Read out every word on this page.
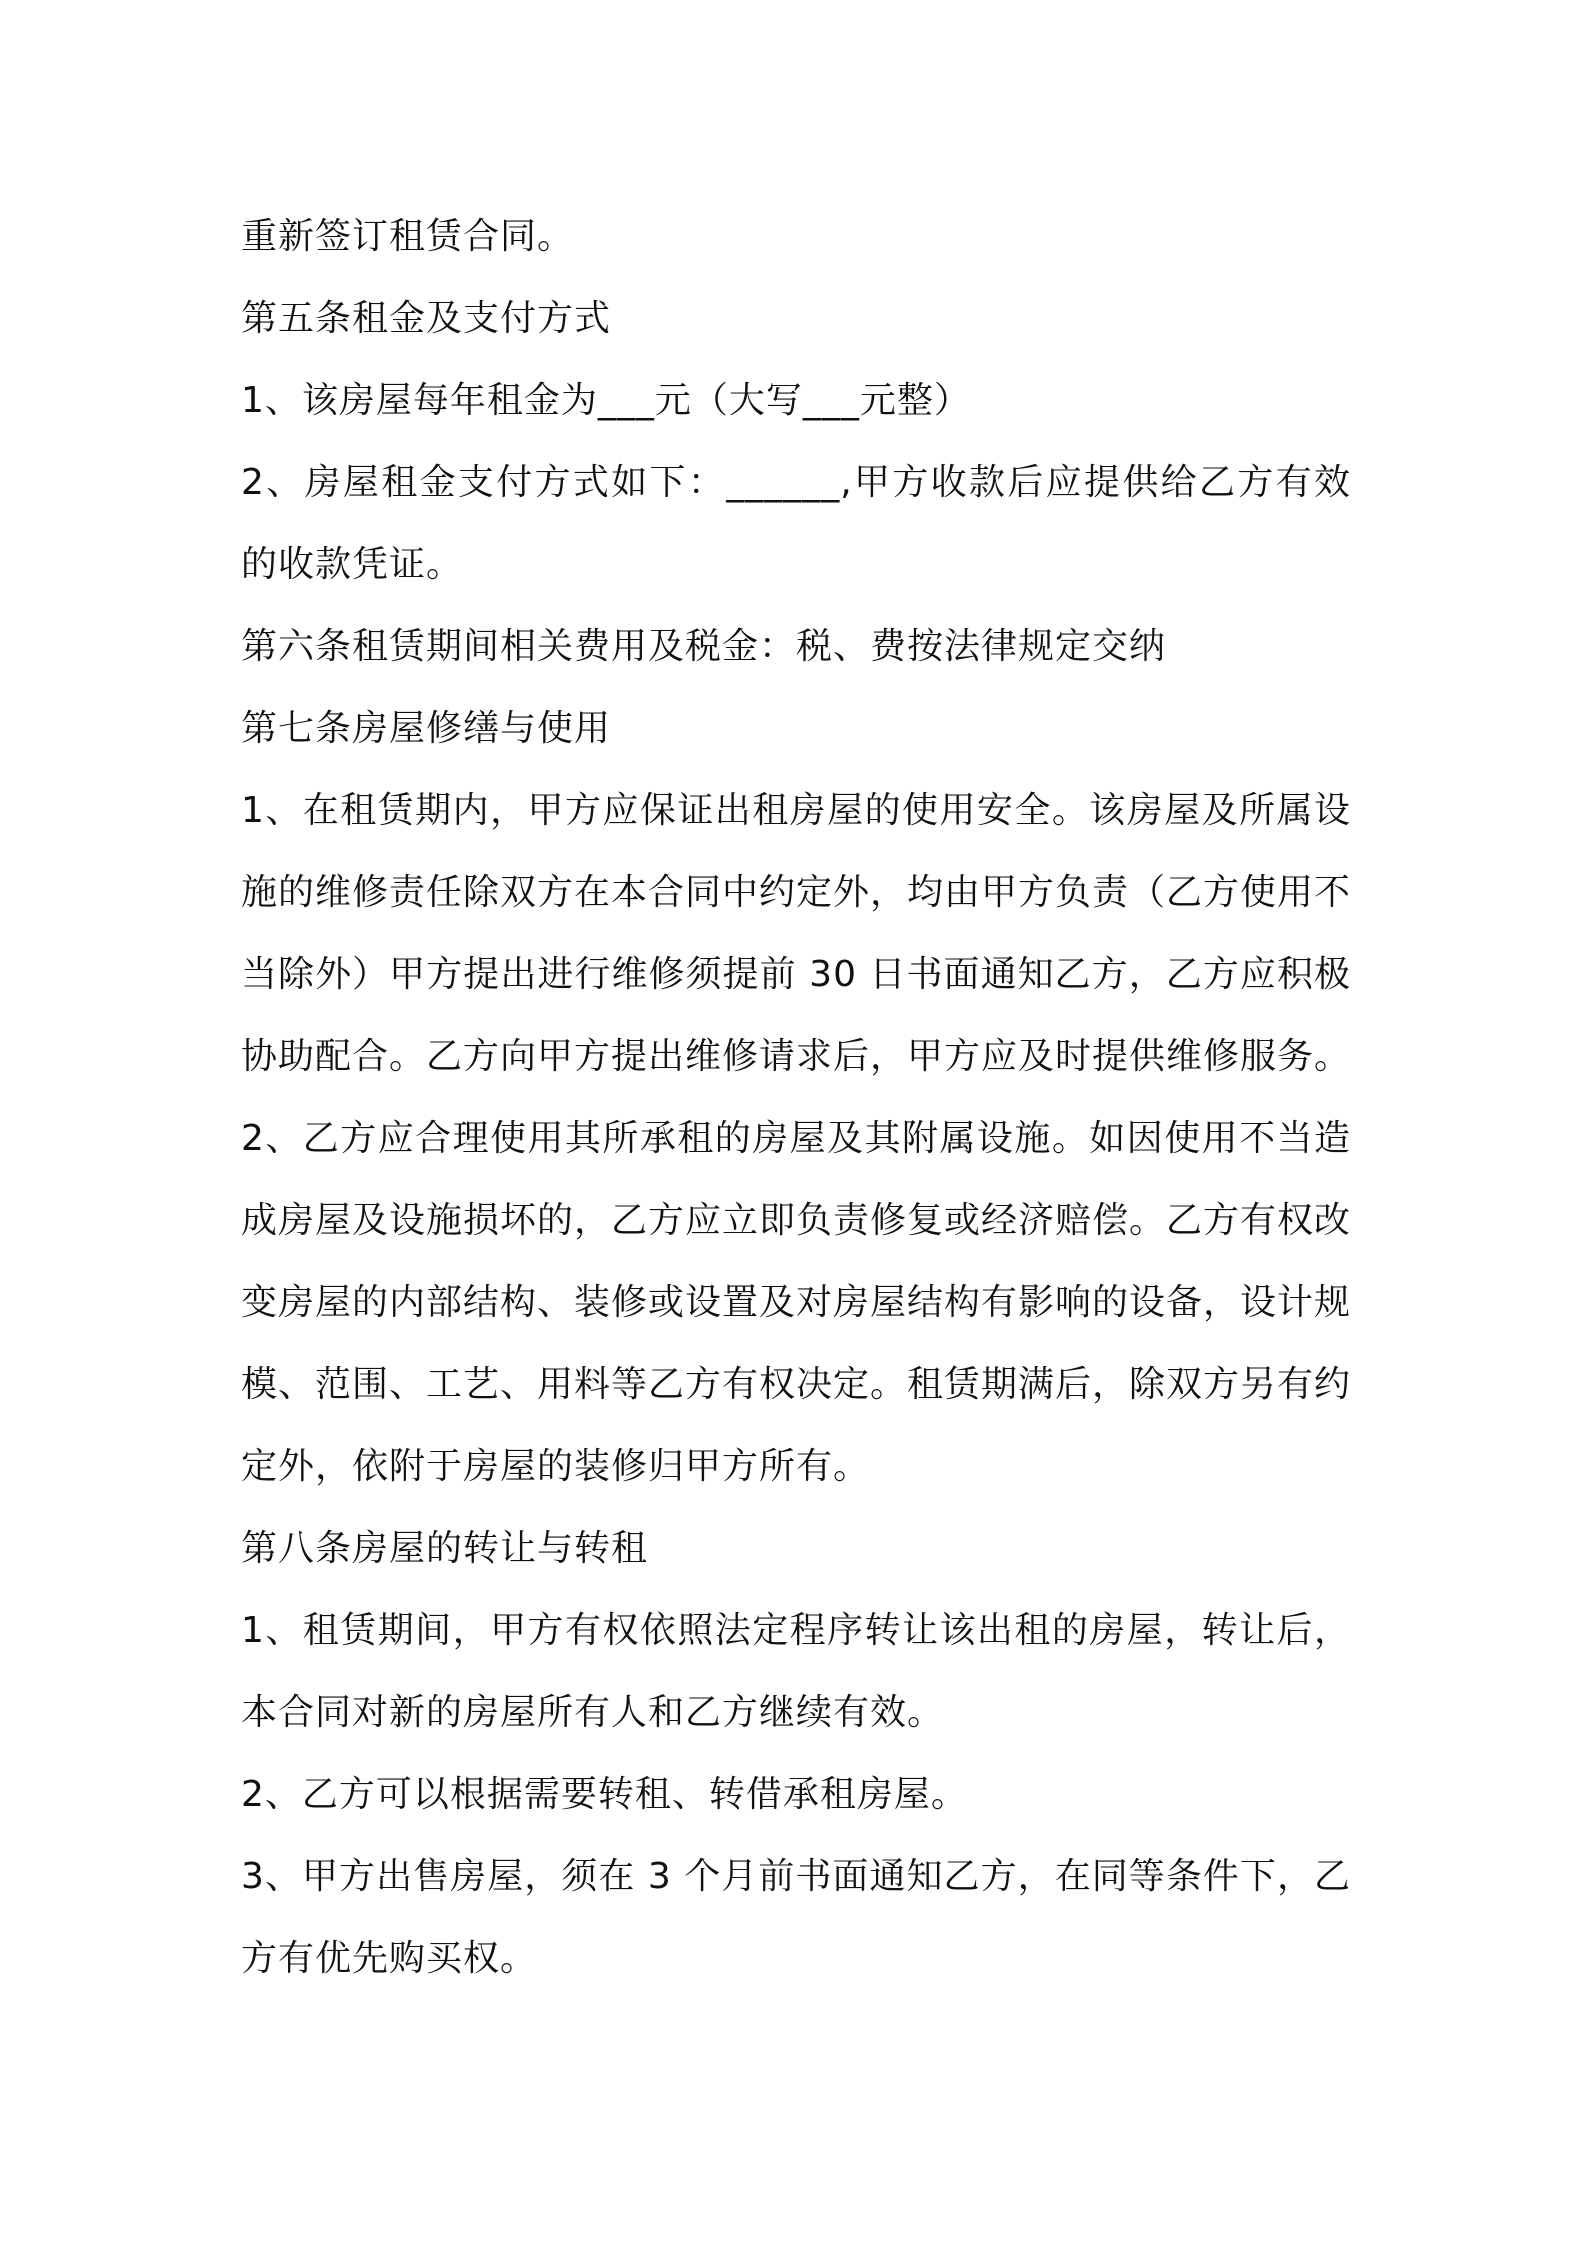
重新签订租赁合同。

第五条租金及支付方式

1、该房屋每年租金为___元（大写___元整）

2、房屋租金支付方式如下：______,甲方收款后应提供给乙方有效的收款凭证。

第六条租赁期间相关费用及税金：税、费按法律规定交纳

第七条房屋修缮与使用

1、在租赁期内，甲方应保证出租房屋的使用安全。该房屋及所属设施的维修责任除双方在本合同中约定外，均由甲方负责（乙方使用不当除外）甲方提出进行维修须提前 30 日书面通知乙方，乙方应积极协助配合。乙方向甲方提出维修请求后，甲方应及时提供维修服务。

2、乙方应合理使用其所承租的房屋及其附属设施。如因使用不当造成房屋及设施损坏的，乙方应立即负责修复或经济赔偿。乙方有权改变房屋的内部结构、装修或设置及对房屋结构有影响的设备，设计规模、范围、工艺、用料等乙方有权决定。租赁期满后，除双方另有约定外，依附于房屋的装修归甲方所有。

第八条房屋的转让与转租

1、租赁期间，甲方有权依照法定程序转让该出租的房屋，转让后，本合同对新的房屋所有人和乙方继续有效。

2、乙方可以根据需要转租、转借承租房屋。

3、甲方出售房屋，须在 3 个月前书面通知乙方，在同等条件下，乙方有优先购买权。
